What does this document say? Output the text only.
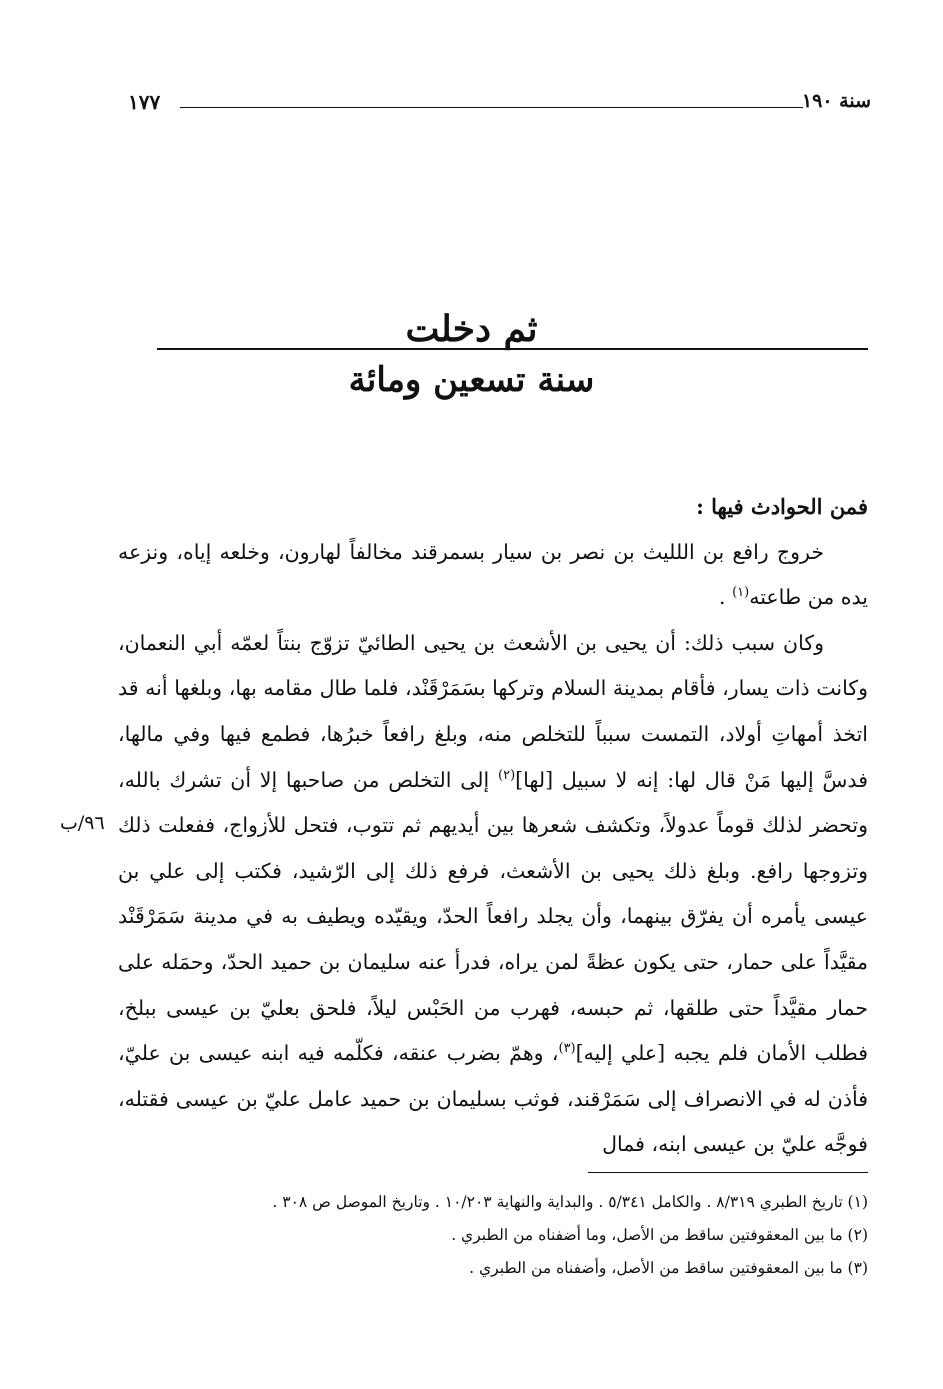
سنة ١٩٠
١٧٧
ثم دخلت
سنة تسعين ومائة

فمن الحوادث فيها :

خروج رافع بن اللليث بن نصر بن سيار بسمرقند مخالفاً لهارون، وخلعه إياه، ونزعه يده من طاعته$^{(١)}$ .

وكان سبب ذلك: أن يحيى بن الأشعث بن يحيى الطائيّ تزوّج بنتاً لعمّه أبي النعمان، وكانت ذات يسار، فأقام بمدينة السلام وتركها بسَمَرْقَنْد، فلما طال مقامه بها، وبلغها أنه قد اتخذ أمهاتِ أولاد، التمست سبباً للتخلص منه، وبلغ رافعاً خبرُها، فطمع فيها وفي مالها، فدسَّ إليها مَنْ قال لها: إنه لا سبيل [لها]$^{(٢)}$ إلى التخلص من صاحبها إلا أن تشرك بالله، وتحضر لذلك قوماً عدولاً، وتكشف شعرها بين أيديهم ثم تتوب، فتحل للأزواج، ففعلت ذلك وتزوجها رافع. وبلغ ذلك يحيى بن الأشعث، فرفع ذلك إلى الرّشيد، فكتب إلى علي بن عيسى يأمره أن يفرّق بينهما، وأن يجلد رافعاً الحدّ، ويقيّده ويطيف به في مدينة سَمَرْقَنْد مقيَّداً على حمار، حتى يكون عظةً لمن يراه، فدرأ عنه سليمان بن حميد الحدّ، وحمَله على حمار مقيَّداً حتى طلقها، ثم حبسه، فهرب من الحَبْس ليلاً، فلحق بعليّ بن عيسى ببلخ، فطلب الأمان فلم يجبه [علي إليه]$^{(٣)}$، وهمّ بضرب عنقه، فكلّمه فيه ابنه عيسى بن عليّ، فأذن له في الانصراف إلى سَمَرْقند، فوثب بسليمان بن حميد عامل عليّ بن عيسى فقتله، فوجَّه عليّ بن عيسى ابنه، فمال

٩٦/ب

(١) تاريخ الطبري ٨/٣١٩ . والكامل ٥/٣٤١ . والبداية والنهاية ١٠/٢٠٣ . وتاريخ الموصل ص ٣٠٨ .

(٢) ما بين المعقوفتين ساقط من الأصل، وما أضفناه من الطبري .

(٣) ما بين المعقوفتين ساقط من الأصل، وأضفناه من الطبري .
